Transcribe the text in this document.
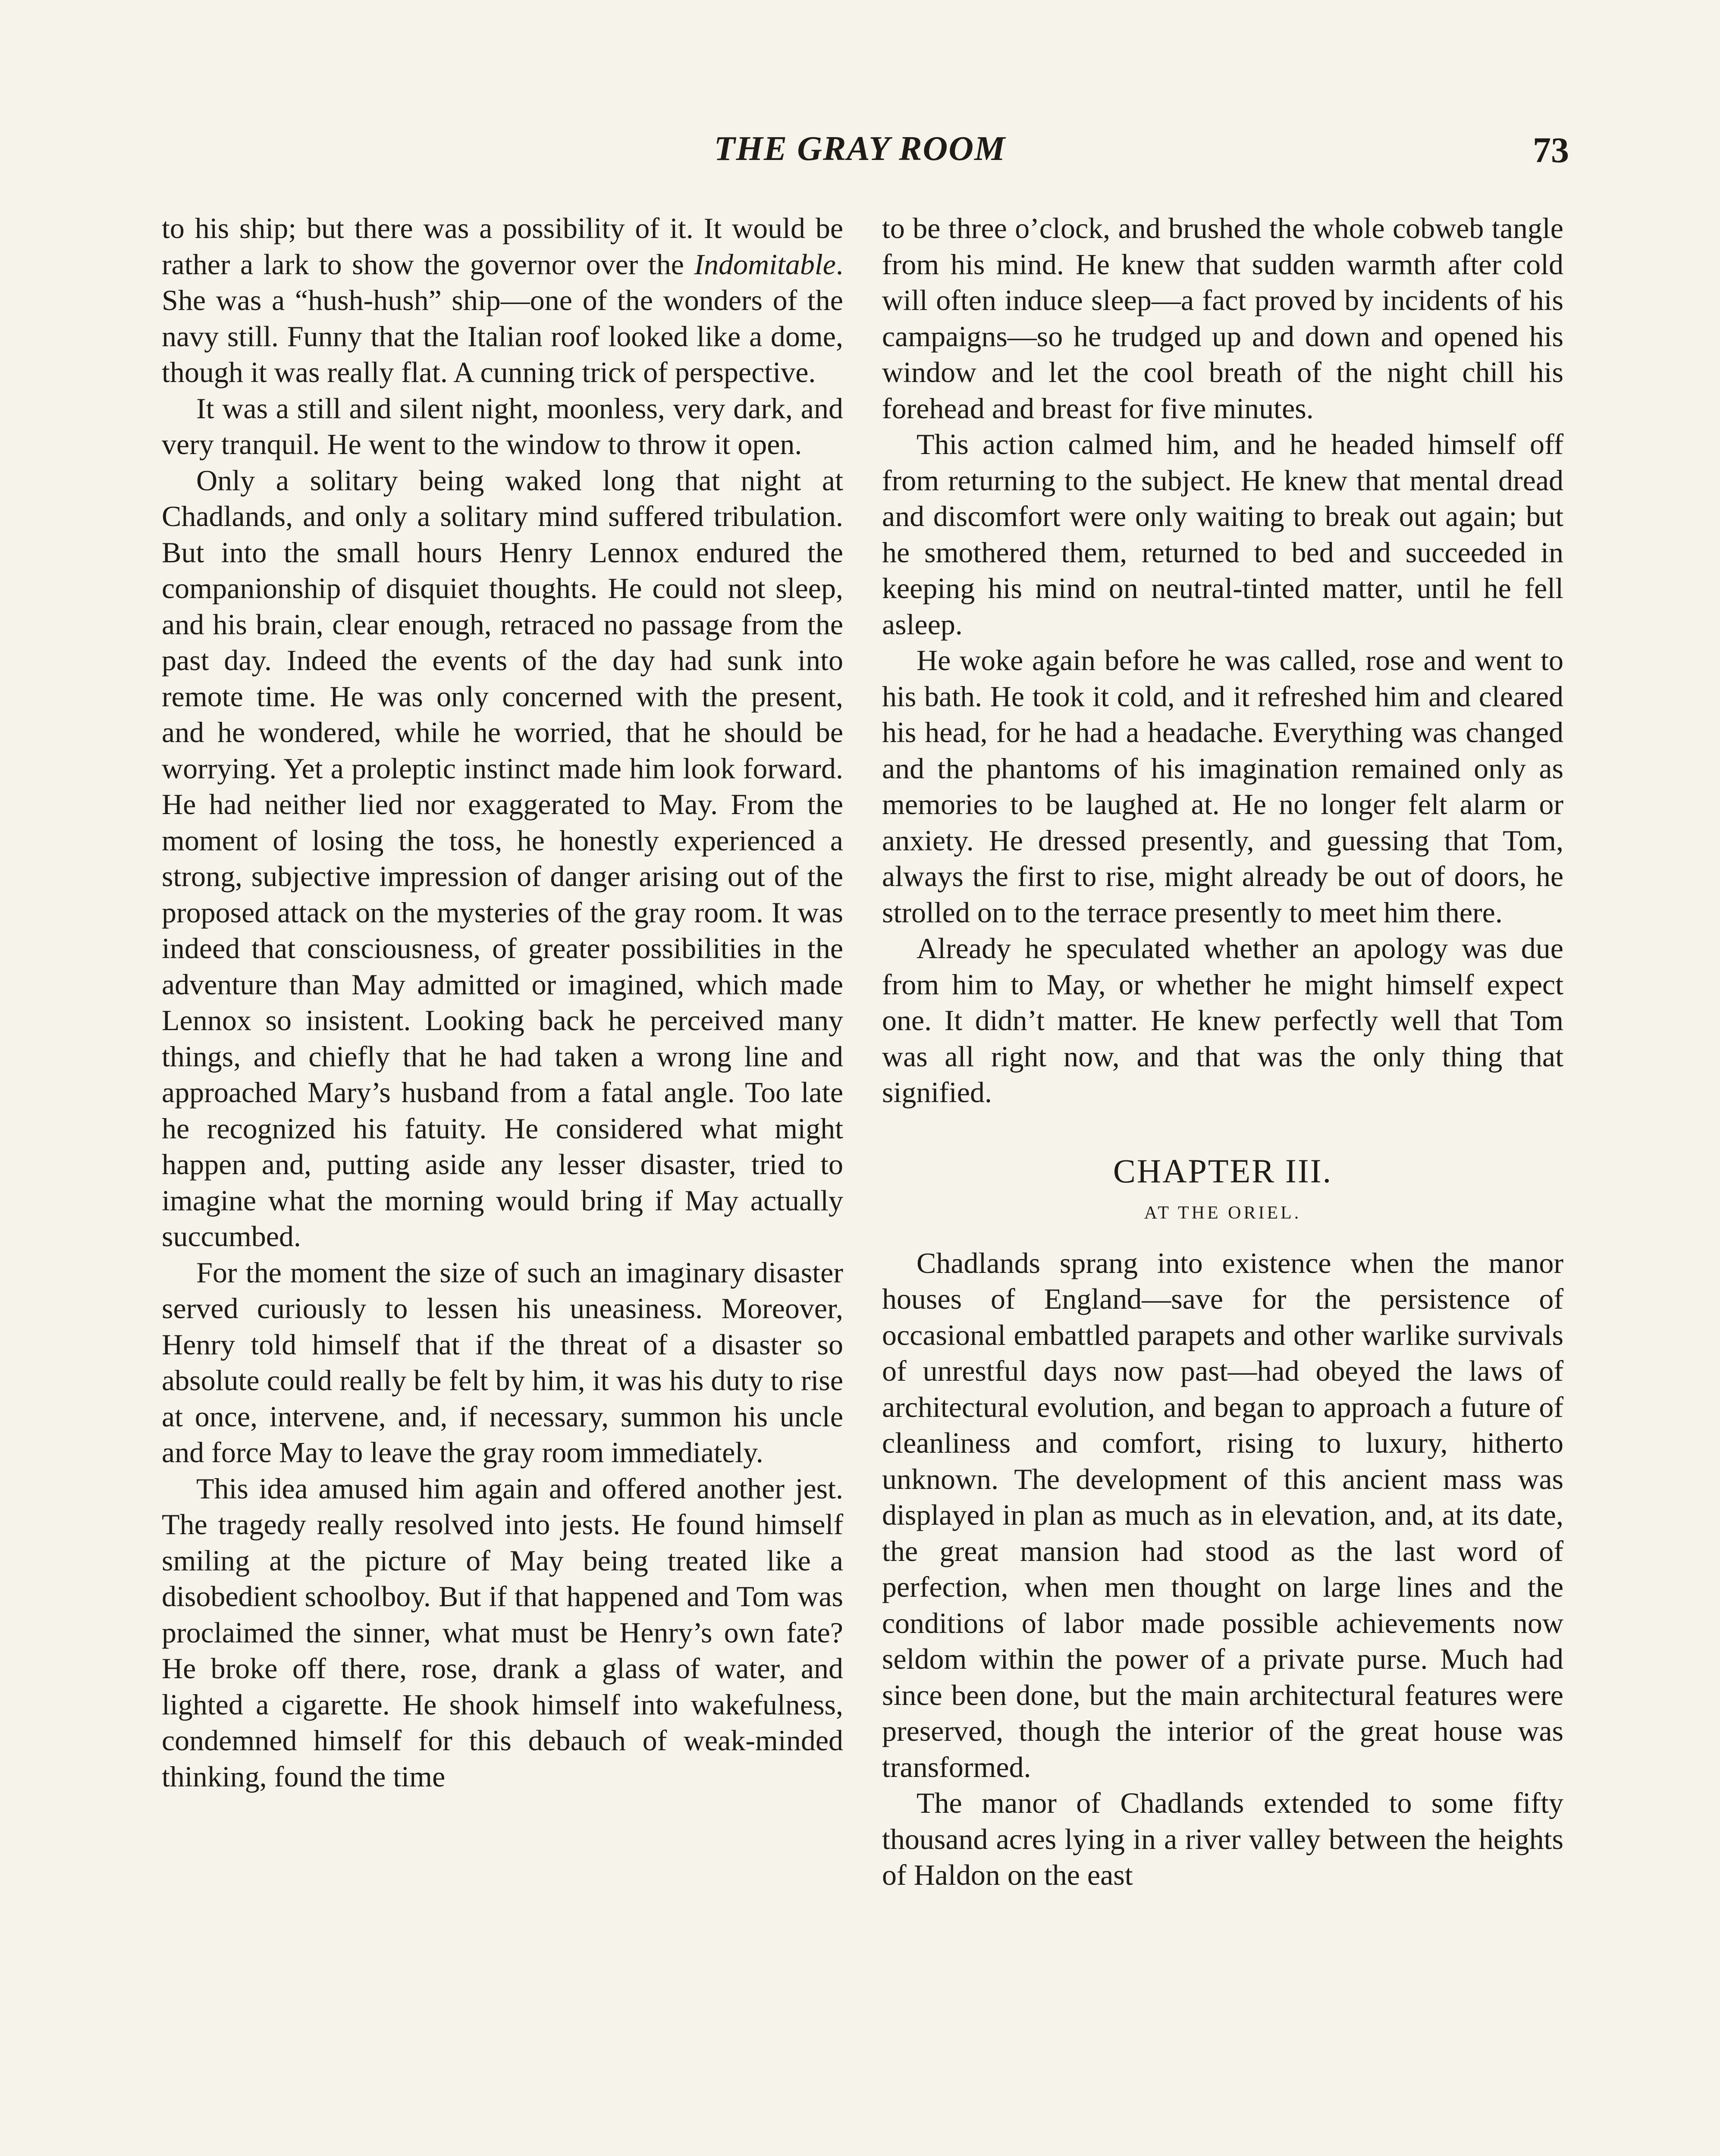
THE GRAY ROOM	73

to his ship; but there was a possibility of it. It would be rather a lark to show the governor over the Indomitable. She was a “hush-hush” ship—one of the wonders of the navy still. Funny that the Italian roof looked like a dome, though it was really flat. A cunning trick of perspective.

It was a still and silent night, moonless, very dark, and very tranquil. He went to the window to throw it open.

Only a solitary being waked long that night at Chadlands, and only a solitary mind suffered tribulation. But into the small hours Henry Lennox endured the companionship of disquiet thoughts. He could not sleep, and his brain, clear enough, retraced no passage from the past day. Indeed the events of the day had sunk into remote time. He was only concerned with the present, and he wondered, while he worried, that he should be worrying. Yet a proleptic instinct made him look forward. He had neither lied nor exaggerated to May. From the moment of losing the toss, he honestly experienced a strong, subjective impression of danger arising out of the proposed attack on the mysteries of the gray room. It was indeed that consciousness, of greater possibilities in the adventure than May admitted or imagined, which made Lennox so insistent. Looking back he perceived many things, and chiefly that he had taken a wrong line and approached Mary’s husband from a fatal angle. Too late he recognized his fatuity. He considered what might happen and, putting aside any lesser disaster, tried to imagine what the morning would bring if May actually succumbed.

For the moment the size of such an imaginary disaster served curiously to lessen his uneasiness. Moreover, Henry told himself that if the threat of a disaster so absolute could really be felt by him, it was his duty to rise at once, intervene, and, if necessary, summon his uncle and force May to leave the gray room immediately.

This idea amused him again and offered another jest. The tragedy really resolved into jests. He found himself smiling at the picture of May being treated like a disobedient schoolboy. But if that happened and Tom was proclaimed the sinner, what must be Henry’s own fate? He broke off there, rose, drank a glass of water, and lighted a cigarette. He shook himself into wakefulness, condemned himself for this debauch of weak-minded thinking, found the time

to be three o’clock, and brushed the whole cobweb tangle from his mind. He knew that sudden warmth after cold will often induce sleep—a fact proved by incidents of his campaigns—so he trudged up and down and opened his window and let the cool breath of the night chill his forehead and breast for five minutes.

This action calmed him, and he headed himself off from returning to the subject. He knew that mental dread and discomfort were only waiting to break out again; but he smothered them, returned to bed and succeeded in keeping his mind on neutral-tinted matter, until he fell asleep.

He woke again before he was called, rose and went to his bath. He took it cold, and it refreshed him and cleared his head, for he had a headache. Everything was changed and the phantoms of his imagination remained only as memories to be laughed at. He no longer felt alarm or anxiety. He dressed presently, and guessing that Tom, always the first to rise, might already be out of doors, he strolled on to the terrace presently to meet him there.

Already he speculated whether an apology was due from him to May, or whether he might himself expect one. It didn’t matter. He knew perfectly well that Tom was all right now, and that was the only thing that signified.

CHAPTER III.
AT THE ORIEL.

Chadlands sprang into existence when the manor houses of England—save for the persistence of occasional embattled parapets and other warlike survivals of unrestful days now past—had obeyed the laws of architectural evolution, and began to approach a future of cleanliness and comfort, rising to luxury, hitherto unknown. The development of this ancient mass was displayed in plan as much as in elevation, and, at its date, the great mansion had stood as the last word of perfection, when men thought on large lines and the conditions of labor made possible achievements now seldom within the power of a private purse. Much had since been done, but the main architectural features were preserved, though the interior of the great house was transformed.

The manor of Chadlands extended to some fifty thousand acres lying in a river valley between the heights of Haldon on the east
